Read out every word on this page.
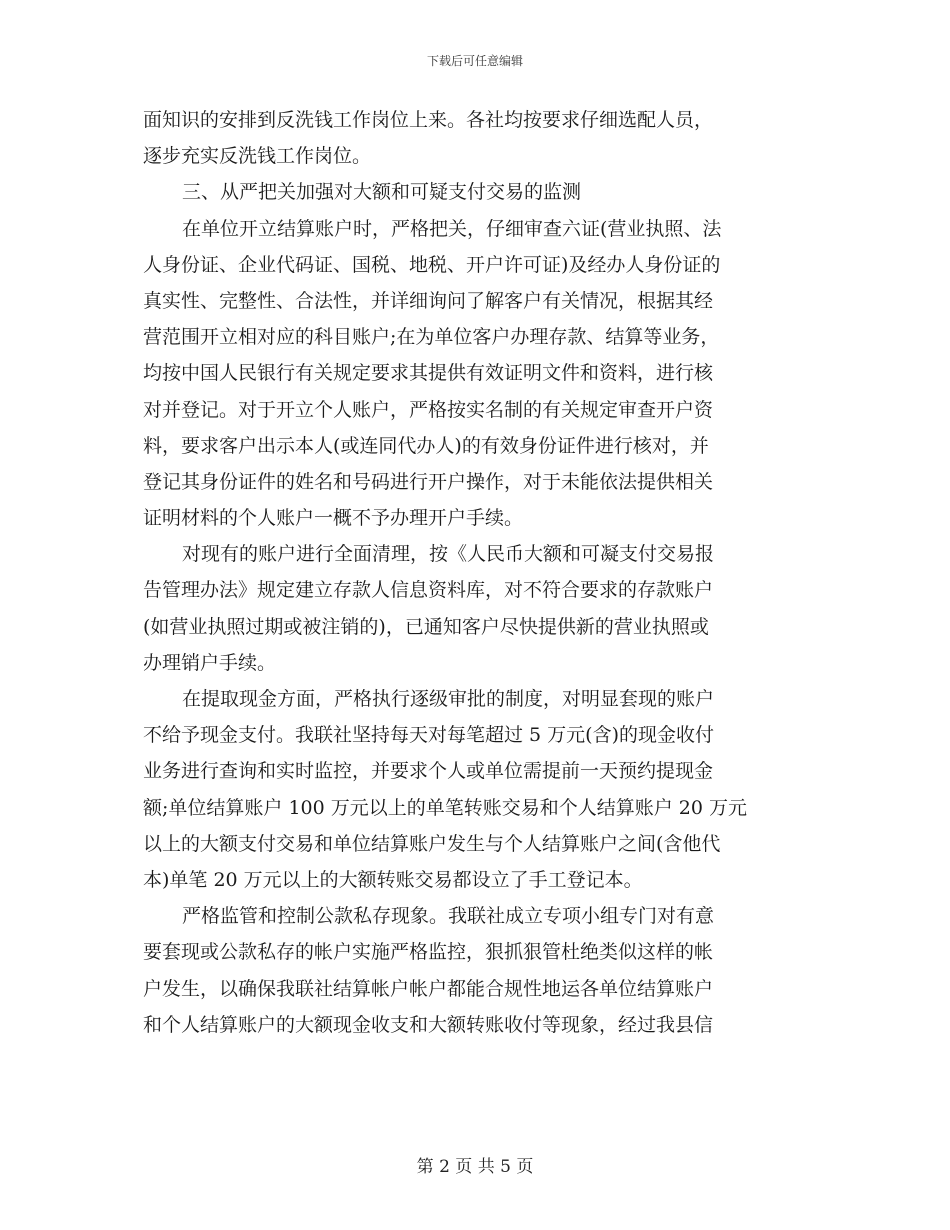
下载后可任意编辑
面知识的安排到反洗钱工作岗位上来。各社均按要求仔细选配人员，
逐步充实反洗钱工作岗位。
三、从严把关加强对大额和可疑支付交易的监测
在单位开立结算账户时，严格把关，仔细审查六证(营业执照、法
人身份证、企业代码证、国税、地税、开户许可证)及经办人身份证的
真实性、完整性、合法性，并详细询问了解客户有关情况，根据其经
营范围开立相对应的科目账户;在为单位客户办理存款、结算等业务，
均按中国人民银行有关规定要求其提供有效证明文件和资料，进行核
对并登记。对于开立个人账户，严格按实名制的有关规定审查开户资
料，要求客户出示本人(或连同代办人)的有效身份证件进行核对，并
登记其身份证件的姓名和号码进行开户操作，对于未能依法提供相关
证明材料的个人账户一概不予办理开户手续。
对现有的账户进行全面清理，按《人民币大额和可凝支付交易报
告管理办法》规定建立存款人信息资料库，对不符合要求的存款账户
(如营业执照过期或被注销的)，已通知客户尽快提供新的营业执照或
办理销户手续。
在提取现金方面，严格执行逐级审批的制度，对明显套现的账户
不给予现金支付。我联社坚持每天对每笔超过 5 万元(含)的现金收付
业务进行查询和实时监控，并要求个人或单位需提前一天预约提现金
额;单位结算账户 100 万元以上的单笔转账交易和个人结算账户 20 万元
以上的大额支付交易和单位结算账户发生与个人结算账户之间(含他代
本)单笔 20 万元以上的大额转账交易都设立了手工登记本。
严格监管和控制公款私存现象。我联社成立专项小组专门对有意
要套现或公款私存的帐户实施严格监控，狠抓狠管杜绝类似这样的帐
户发生，以确保我联社结算帐户帐户都能合规性地运各单位结算账户
和个人结算账户的大额现金收支和大额转账收付等现象，经过我县信
第 2 页 共 5 页
